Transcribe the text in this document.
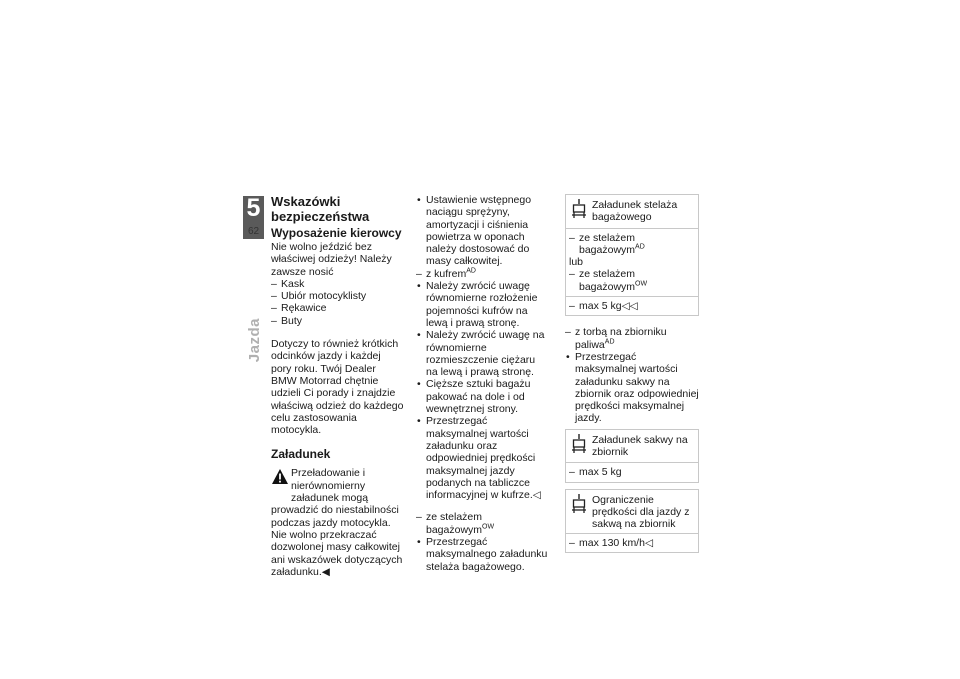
5
62
Jazda
Wskazówki bezpieczeństwa
Wyposażenie kierowcy

Nie wolno jeździć bez właściwej odzieży! Należy zawsze nosić

– Kask
– Ubiór motocyklisty
– Rękawice
– Buty

Dotyczy to również krótkich odcinków jazdy i każdej pory roku. Twój Dealer BMW Motorrad chętnie udzieli Ci porady i znajdzie właściwą odzież do każdego celu zastosowania motocykla.

Załadunek

Przeładowanie i nierównomierny załadunek mogą

prowadzić do niestabilności podczas jazdy motocykla.

Nie wolno przekraczać dozwolonej masy całkowitej ani wskazówek dotyczących załadunku.◀

• Ustawienie wstępnego naciągu sprężyny, amortyzacji i ciśnienia powietrza w oponach należy dostosować do masy całkowitej.
– z kufrem$^{AD}$
• Należy zwrócić uwagę równomierne rozłożenie pojemności kufrów na lewą i prawą stronę.
• Należy zwrócić uwagę na równomierne rozmieszczenie ciężaru na lewą i prawą stronę.
• Cięższe sztuki bagażu pakować na dole i od wewnętrznej strony.
• Przestrzegać maksymalnej wartości załadunku oraz odpowiedniej prędkości maksymalnej jazdy podanych na tabliczce informacyjnej w kufrze.◁
– ze stelażem bagażowym$^{OW}$
• Przestrzegać maksymalnego załadunku stelaża bagażowego.

Załadunek stelaża bagażowego

– ze stelażem bagażowym$^{AD}$

lub

– ze stelażem bagażowym$^{OW}$
– max 5 kg◁◁
– z torbą na zbiorniku paliwa$^{AD}$
• Przestrzegać maksymalnej wartości załadunku sakwy na zbiornik oraz odpowiedniej prędkości maksymalnej jazdy.

Załadunek sakwy na zbiornik

– max 5 kg

Ograniczenie prędkości dla jazdy z sakwą na zbiornik

– max 130 km/h◁
